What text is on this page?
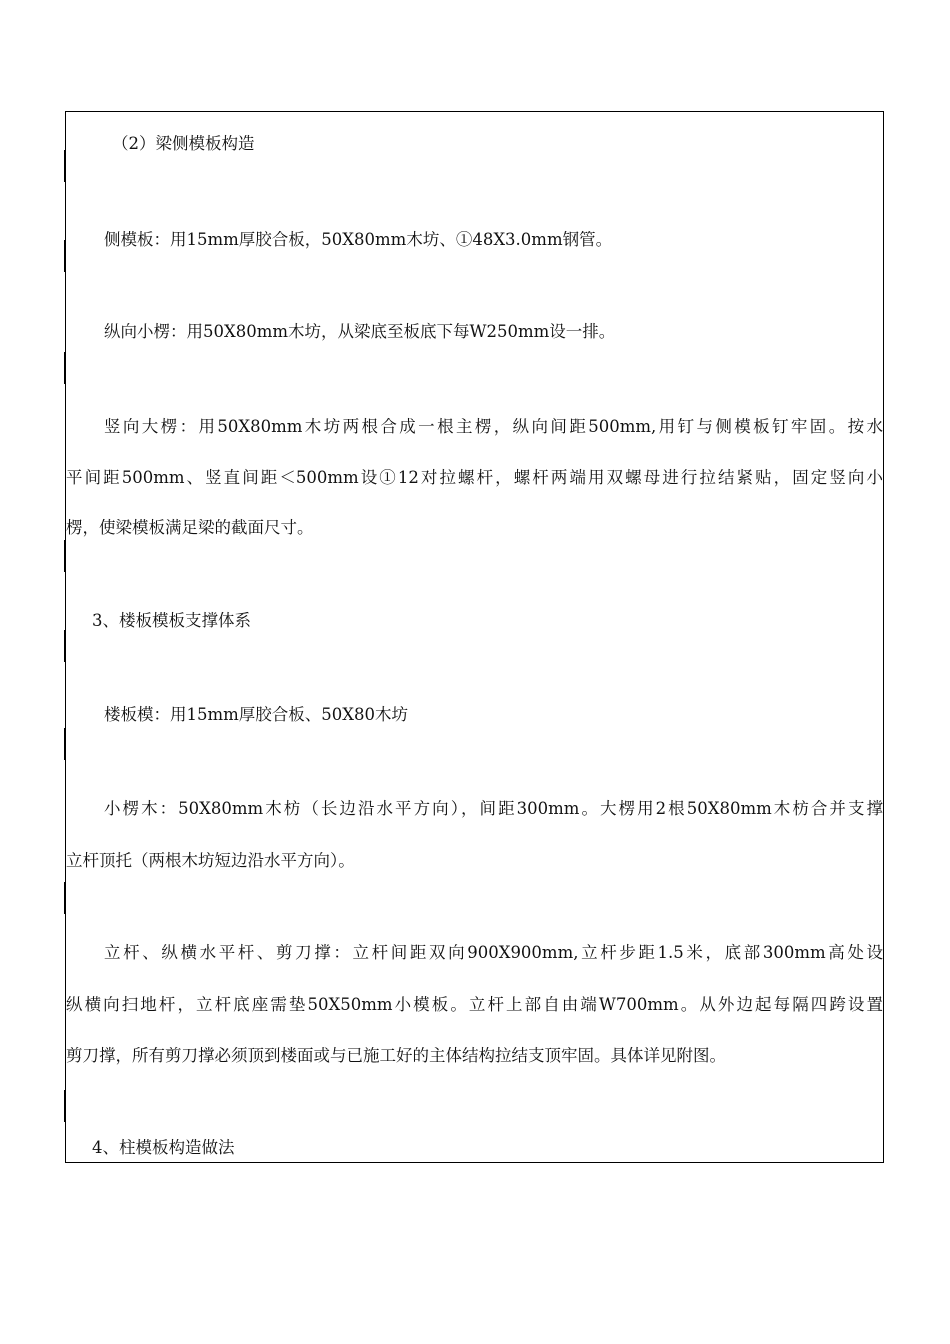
（2）梁侧模板构造

侧模板：用15mm厚胶合板，50X80mm木坊、①48X3.0mm钢管。

纵向小楞：用50X80mm木坊，从梁底至板底下每W250mm设一排。

竖向大楞：用50X80mm木坊两根合成一根主楞，纵向间距500mm,用钉与侧模板钉牢固。按水

平间距500mm、竖直间距＜500mm设①12对拉螺杆，螺杆两端用双螺母进行拉结紧贴，固定竖向小

楞，使梁模板满足梁的截面尺寸。

3、楼板模板支撑体系

楼板模：用15mm厚胶合板、50X80木坊

小楞木：50X80mm木枋（长边沿水平方向），间距300mm。大楞用2根50X80mm木枋合并支撑

立杆顶托（两根木坊短边沿水平方向）。

立杆、纵横水平杆、剪刀撑：立杆间距双向900X900mm,立杆步距1.5米，底部300mm高处设

纵横向扫地杆，立杆底座需垫50X50mm小模板。立杆上部自由端W700mm。从外边起每隔四跨设置

剪刀撑，所有剪刀撑必须顶到楼面或与已施工好的主体结构拉结支顶牢固。具体详见附图。

4、柱模板构造做法
